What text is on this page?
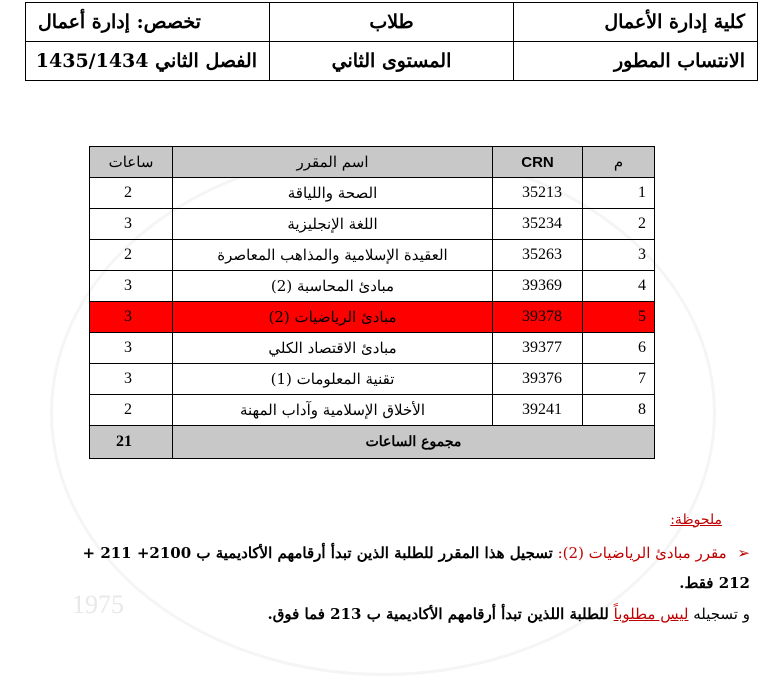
1975
كلية إدارة الأعمال	طلاب	تخصص: إدارة أعمال
الانتساب المطور	المستوى الثاني	الفصل الثاني 1435/1434
م	CRN	اسم المقرر	ساعات
1	35213	الصحة واللياقة	2
2	35234	اللغة الإنجليزية	3
3	35263	العقيدة الإسلامية والمذاهب المعاصرة	2
4	39369	مبادئ المحاسبة (2)	3
5	39378	مبادئ الرياضيات (2)	3
6	39377	مبادئ الاقتصاد الكلي	3
7	39376	تقنية المعلومات (1)	3
8	39241	الأخلاق الإسلامية وآداب المهنة	2
مجموع الساعات			21
ملحوظة:
➢ مقرر مبادئ الرياضيات (2): تسجيل هذا المقرر للطلبة الذين تبدأ أرقامهم الأكاديمية ب 2100+ 211 +
212 فقط.
و تسجيله ليس مطلوباً للطلبة اللذين تبدأ أرقامهم الأكاديمية ب 213 فما فوق.
